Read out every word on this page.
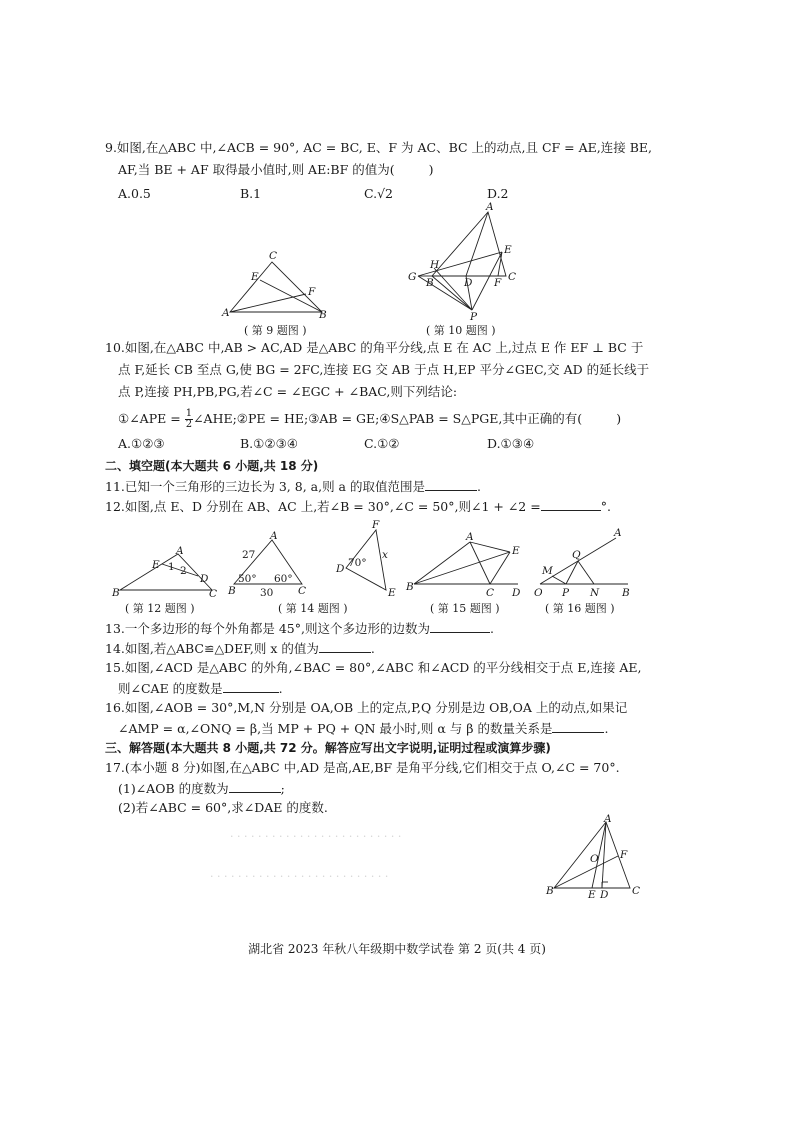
9.如图,在△ABC 中,∠ACB = 90°, AC = BC, E、F 为 AC、BC 上的动点,且 CF = AE,连接 BE,
AF,当 BE + AF 取得最小值时,则 AE:BF 的值为(	)
A.0.5	B.1	C.√2	D.2
C
E
F
A	B
( 第 9 题图 )
A
E
G
H
B	D F C
P
( 第 10 题图 )
10.如图,在△ABC 中,AB > AC,AD 是△ABC 的角平分线,点 E 在 AC 上,过点 E 作 EF ⊥ BC 于
点 F,延长 CB 至点 G,使 BG = 2FC,连接 EG 交 AB 于点 H,EP 平分∠GEC,交 AD 的延长线于
点 P,连接 PH,PB,PG,若∠C = ∠EGC + ∠BAC,则下列结论:
①∠APE = $\frac{1}{2}$ ∠AHE;②PE = HE;③AB = GE;④S△PAB = S△PGE,其中正确的有(	)
A.①②③	B.①②③④	C.①②	D.①③④
二、填空题(本大题共 6 小题,共 18 分)
11.已知一个三角形的三边长为 3, 8, a,则 a 的取值范围是	.
12.如图,点 E、D 分别在 AB、AC 上,若∠B = 30°,∠C = 50°,则∠1 + ∠2 =	°.
A
E 1 2
D
B	C
( 第 12 题图 )
A
27
50° 60°
B 30 C
F
D 70°
x
E
( 第 14 题图 )
A
E
B	C D
( 第 15 题图 )
A
Q
M
O P N B
( 第 16 题图 )
13.一个多边形的每个外角都是 45°,则这个多边形的边数为	.
14.如图,若△ABC≌△DEF,则 x 的值为	.
15.如图,∠ACD 是△ABC 的外角,∠BAC = 80°,∠ABC 和∠ACD 的平分线相交于点 E,连接 AE,
则∠CAE 的度数是	.
16.如图,∠AOB = 30°,M,N 分别是 OA,OB 上的定点,P,Q 分别是边 OB,OA 上的动点,如果记
∠AMP = α,∠ONQ = β,当 MP + PQ + QN 最小时,则 α 与 β 的数量关系是	.
三、解答题(本大题共 8 小题,共 72 分。解答应写出文字说明,证明过程或演算步骤)
17.(本小题 8 分)如图,在△ABC 中,AD 是高,AE,BF 是角平分线,它们相交于点 O,∠C = 70°.
(1)∠AOB 的度数为	;
(2)若∠ABC = 60°,求∠DAE 的度数.
· · · · · · · · · · · · · · · · · · · · · · · · ·
· · · · · · · · · · · · · · · · · · · · · · · · · ·
A
F
O
B	E D C
湖北省 2023 年秋八年级期中数学试卷 第 2 页(共 4 页)
